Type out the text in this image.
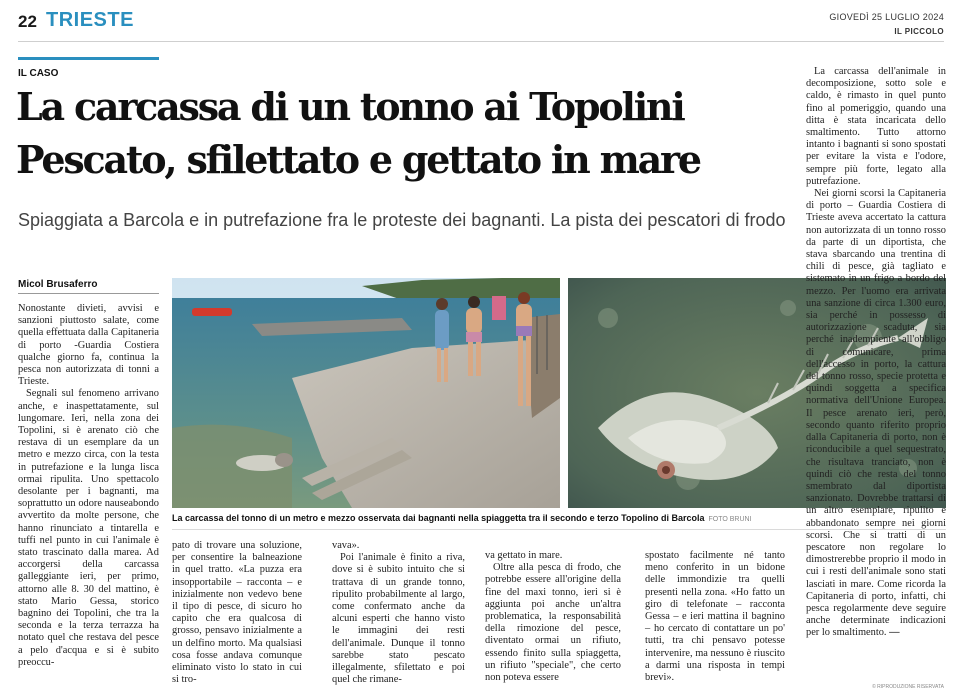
22 TRIESTE	GIOVEDÌ 25 LUGLIO 2024
IL PICCOLO
IL CASO
La carcassa di un tonno ai Topolini
Pescato, sfilettato e gettato in mare
Spiaggiata a Barcola e in putrefazione fra le proteste dei bagnanti. La pista dei pescatori di frodo
Micol Brusaferro

Nonostante divieti, avvisi e sanzioni piuttosto salate, come quella effettuata dalla Capitaneria di porto -Guardia Costiera qualche giorno fa, continua la pesca non autorizzata di tonni a Trieste.

Segnali sul fenomeno arrivano anche, e inaspettatamente, sul lungomare. Ieri, nella zona dei Topolini, si è arenato ciò che restava di un esemplare da un metro e mezzo circa, con la testa in putrefazione e la lunga lisca ormai ripulita. Uno spettacolo desolante per i bagnanti, ma soprattutto un odore nauseabondo avvertito da molte persone, che hanno rinunciato a tintarella e tuffi nel punto in cui l'animale è stato trascinato dalla marea. Ad accorgersi della carcassa galleggiante ieri, per primo, attorno alle 8. 30 del mattino, è stato Mario Gessa, storico bagnino dei Topolini, che tra la seconda e la terza terrazza ha notato quel che restava del pesce a pelo d'acqua e si è subito preoccu-

La carcassa del tonno di un metro e mezzo osservata dai bagnanti nella spiaggetta tra il secondo e terzo Topolino di Barcola FOTO BRUNI

pato di trovare una soluzione, per consentire la balneazione in quel tratto. «La puzza era insopportabile – racconta – e inizialmente non vedevo bene il tipo di pesce, di sicuro ho capito che era qualcosa di grosso, pensavo inizialmente a un delfino morto. Ma qualsiasi cosa fosse andava comunque eliminato visto lo stato in cui si tro-

vava».

Poi l'animale è finito a riva, dove si è subito intuito che si trattava di un grande tonno, ripulito probabilmente al largo, come confermato anche da alcuni esperti che hanno visto le immagini dei resti dell'animale. Dunque il tonno sarebbe stato pescato illegalmente, sfilettato e poi quel che rimane-

va gettato in mare.

Oltre alla pesca di frodo, che potrebbe essere all'origine della fine del maxi tonno, ieri si è aggiunta poi anche un'altra problematica, la responsabilità della rimozione del pesce, diventato ormai un rifiuto, essendo finito sulla spiaggetta, un rifiuto "speciale", che certo non poteva essere

spostato facilmente né tanto meno conferito in un bidone delle immondizie tra quelli presenti nella zona. «Ho fatto un giro di telefonate – racconta Gessa – e ieri mattina il bagnino – ho cercato di contattare un po' tutti, tra chi pensavo potesse intervenire, ma nessuno è riuscito a darmi una risposta in tempi brevi».

La carcassa dell'animale in decomposizione, sotto sole e caldo, è rimasto in quel punto fino al pomeriggio, quando una ditta è stata incaricata dello smaltimento. Tutto attorno intanto i bagnanti si sono spostati per evitare la vista e l'odore, sempre più forte, legato alla putrefazione.

Nei giorni scorsi la Capitaneria di porto – Guardia Costiera di Trieste aveva accertato la cattura non autorizzata di un tonno rosso da parte di un diportista, che stava sbarcando una trentina di chili di pesce, già tagliato e sistemato in un frigo a bordo del mezzo. Per l'uomo era arrivata una sanzione di circa 1.300 euro, sia perché in possesso di autorizzazione scaduta, sia perché inadempiente all'obbligo di comunicare, prima dell'accesso in porto, la cattura del tonno rosso, specie protetta e quindi soggetta a specifica normativa dell'Unione Europea. Il pesce arenato ieri, però, secondo quanto riferito proprio dalla Capitaneria di porto, non è riconducibile a quel sequestrato, che risultava tranciato, non è quindi ciò che resta del tonno smembrato dal diportista sanzionato. Dovrebbe trattarsi di un altro esemplare, ripulito e abbandonato sempre nei giorni scorsi. Che si tratti di un pescatore non regolare lo dimostrerebbe proprio il modo in cui i resti dell'animale sono stati lasciati in mare. Come ricorda la Capitaneria di porto, infatti, chi pesca regolarmente deve seguire anche determinate indicazioni per lo smaltimento. —

© RIPRODUZIONE RISERVATA
